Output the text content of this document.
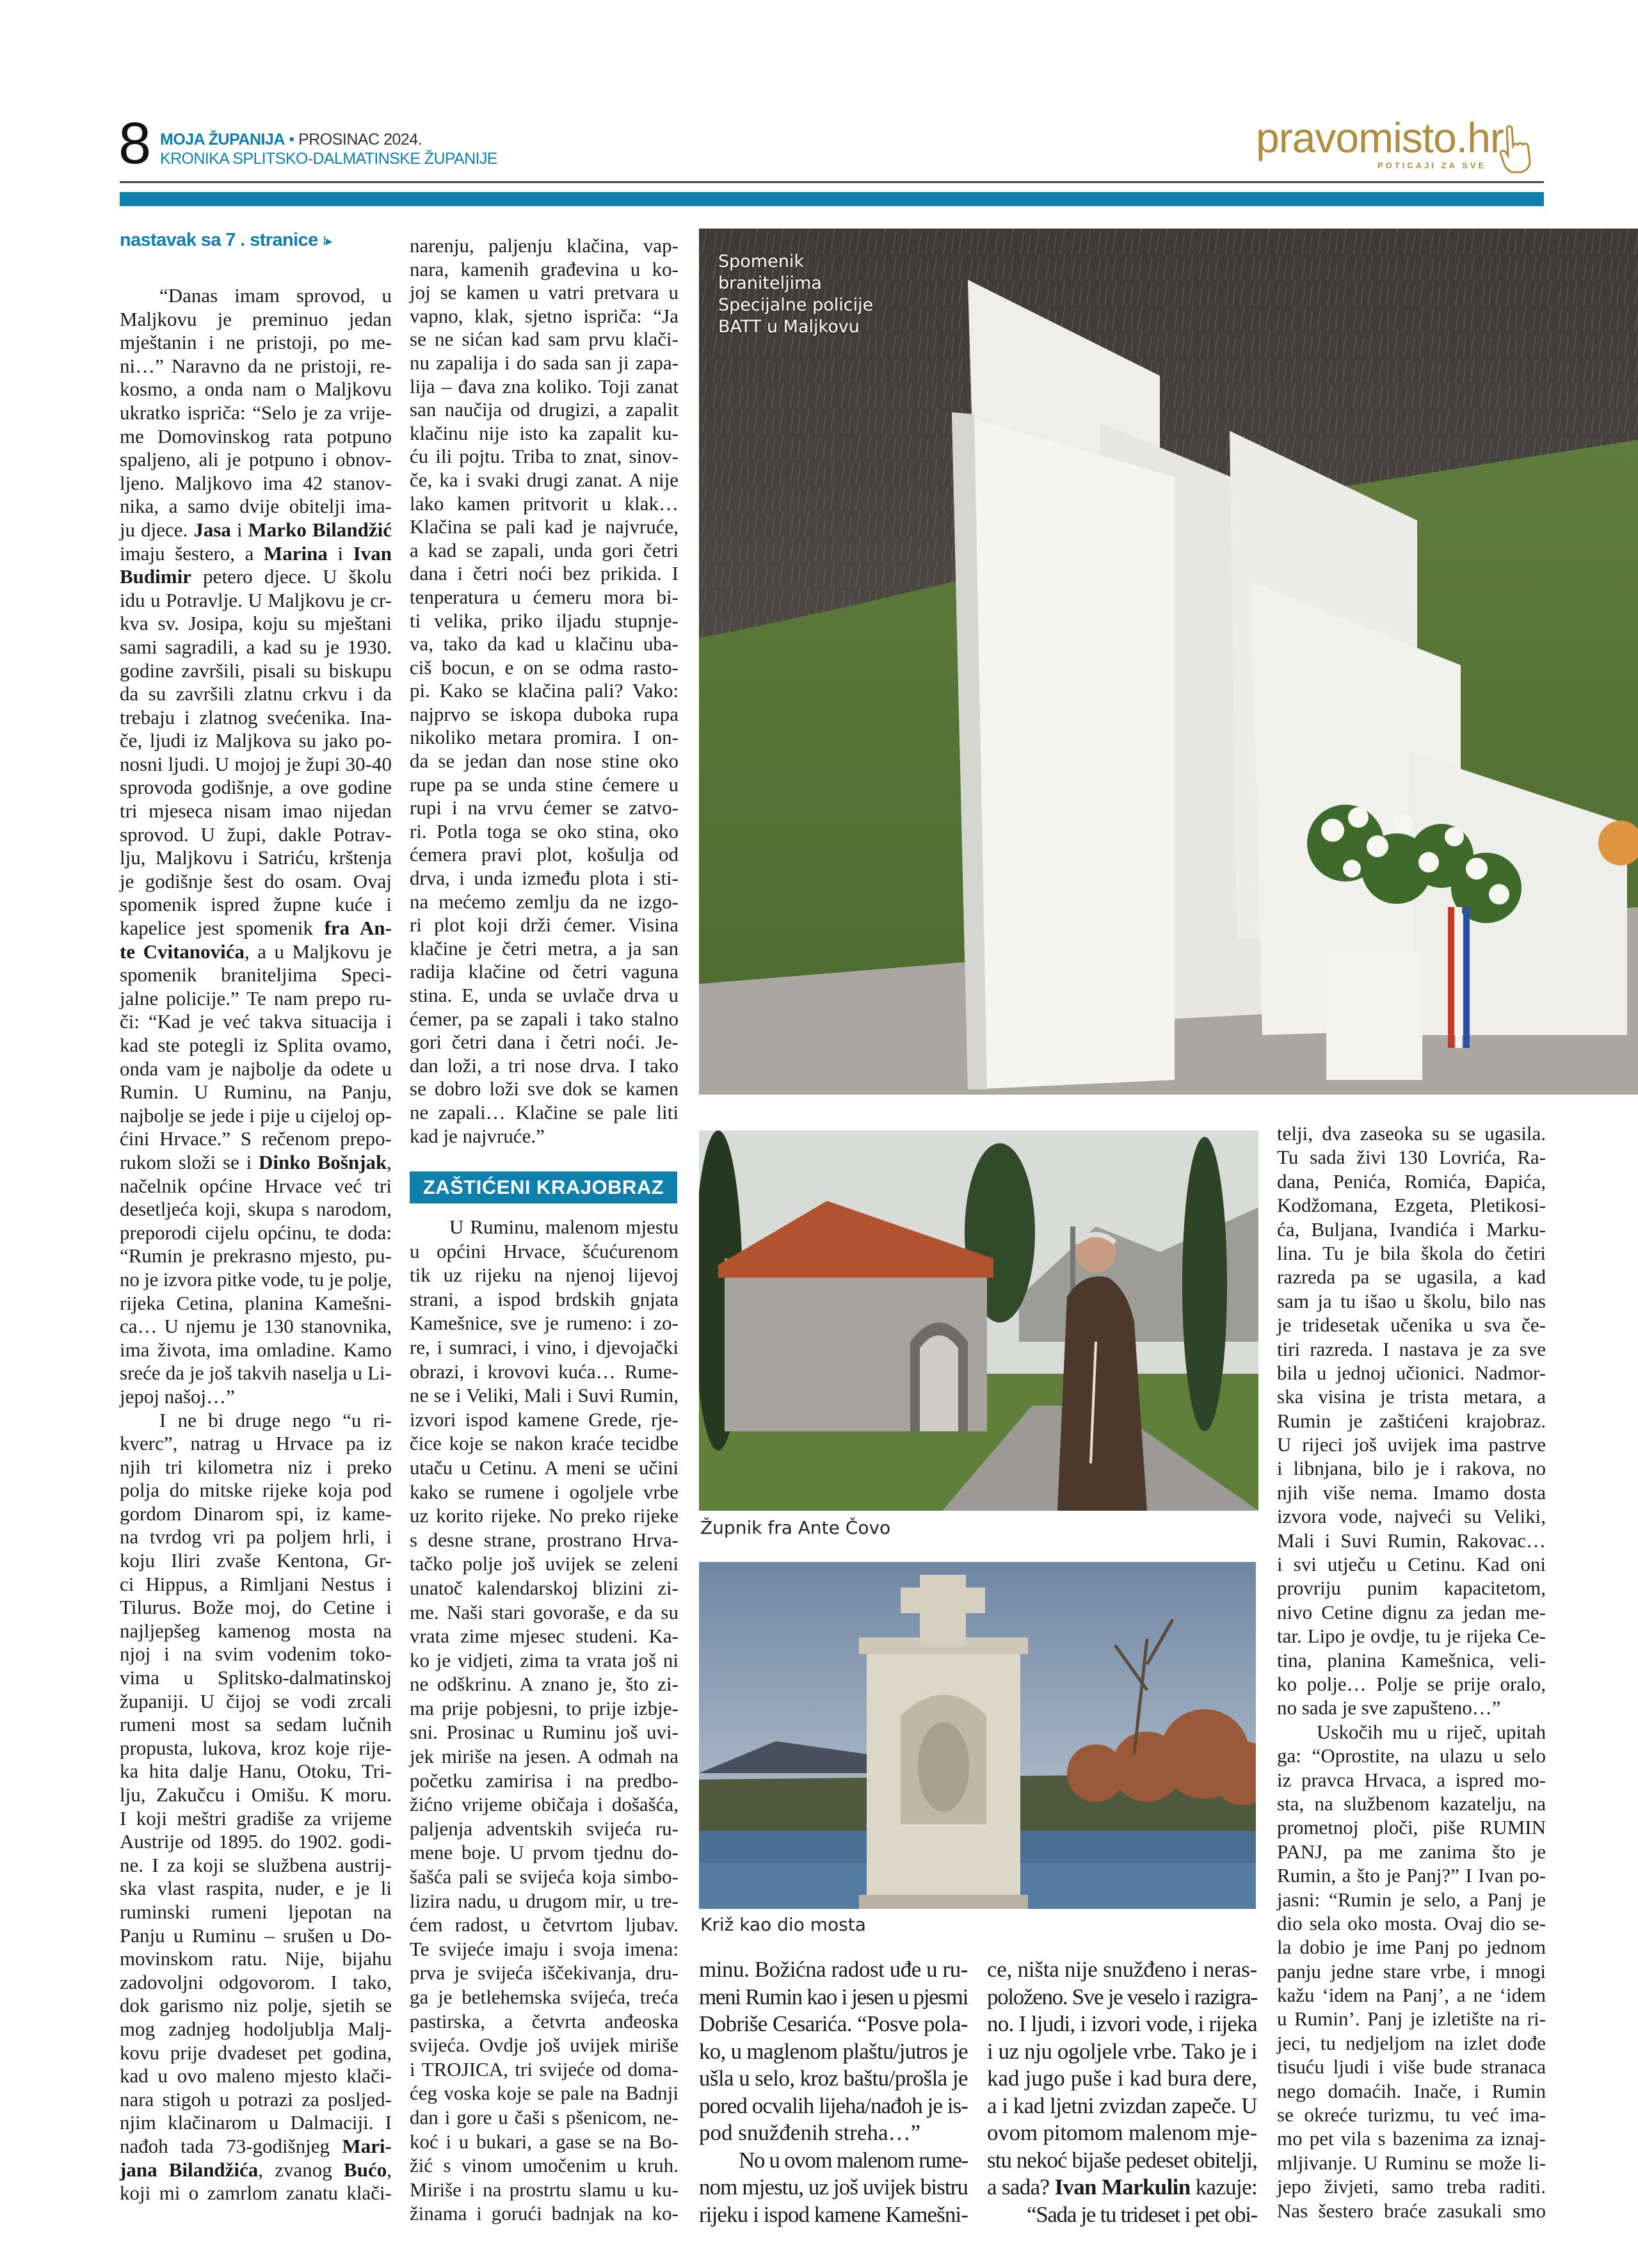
8 MOJA ŽUPANIJA • PROSINAC 2024.
KRONIKA SPLITSKO-DALMATINSKE ŽUPANIJE	pravomisto.hr
POTICAJI ZA SVE
nastavak sa 7 . stranice ⁞▸
“Danas imam sprovod, u
Maljkovu je preminuo jedan
mještanin i ne pristoji, po me-
ni…” Naravno da ne pristoji, re-
kosmo, a onda nam o Maljkovu
ukratko ispriča: “Selo je za vrije-
me Domovinskog rata potpuno
spaljeno, ali je potpuno i obnov-
ljeno. Maljkovo ima 42 stanov-
nika, a samo dvije obitelji ima-
ju djece. Jasa i Marko Bilandžić
imaju šestero, a Marina i Ivan
Budimir petero djece. U školu
idu u Potravlje. U Maljkovu je cr-
kva sv. Josipa, koju su mještani
sami sagradili, a kad su je 1930.
godine završili, pisali su biskupu
da su završili zlatnu crkvu i da
trebaju i zlatnog svećenika. Ina-
če, ljudi iz Maljkova su jako po-
nosni ljudi. U mojoj je župi 30-40
sprovoda godišnje, a ove godine
tri mjeseca nisam imao nijedan
sprovod. U župi, dakle Potrav-
lju, Maljkovu i Satriću, krštenja
je godišnje šest do osam. Ovaj
spomenik ispred župne kuće i
kapelice jest spomenik fra An-
te Cvitanovića, a u Maljkovu je
spomenik braniteljima Speci-
jalne policije.” Te nam prepo ru-
či: “Kad je već takva situacija i
kad ste potegli iz Splita ovamo,
onda vam je najbolje da odete u
Rumin. U Ruminu, na Panju,
najbolje se jede i pije u cijeloj op-
ćini Hrvace.” S rečenom prepo-
rukom složi se i Dinko Bošnjak,
načelnik općine Hrvace već tri
desetljeća koji, skupa s narodom,
preporodi cijelu općinu, te doda:
“Rumin je prekrasno mjesto, pu-
no je izvora pitke vode, tu je polje,
rijeka Cetina, planina Kamešni-
ca… U njemu je 130 stanovnika,
ima života, ima omladine. Kamo
sreće da je još takvih naselja u Li-
jepoj našoj…”
I ne bi druge nego “u ri-
kverc”, natrag u Hrvace pa iz
njih tri kilometra niz i preko
polja do mitske rijeke koja pod
gordom Dinarom spi, iz kame-
na tvrdog vri pa poljem hrli, i
koju Iliri zvaše Kentona, Gr-
ci Hippus, a Rimljani Nestus i
Tilurus. Bože moj, do Cetine i
najljepšeg kamenog mosta na
njoj i na svim vodenim toko-
vima u Splitsko-dalmatinskoj
županiji. U čijoj se vodi zrcali
rumeni most sa sedam lučnih
propusta, lukova, kroz koje rije-
ka hita dalje Hanu, Otoku, Tri-
lju, Zakučcu i Omišu. K moru.
I koji meštri gradiše za vrijeme
Austrije od 1895. do 1902. godi-
ne. I za koji se službena austrij-
ska vlast raspita, nuder, e je li
ruminski rumeni ljepotan na
Panju u Ruminu – srušen u Do-
movinskom ratu. Nije, bijahu
zadovoljni odgovorom. I tako,
dok garismo niz polje, sjetih se
mog zadnjeg hodoljublja Malj-
kovu prije dvadeset pet godina,
kad u ovo maleno mjesto klači-
nara stigoh u potrazi za posljed-
njim klačinarom u Dalmaciji. I
nađoh tada 73-godišnjeg Mari-
jana Bilandžića, zvanog Bućo,
koji mi o zamrlom zanatu klači-
narenju, paljenju klačina, vap-
nara, kamenih građevina u ko-
joj se kamen u vatri pretvara u
vapno, klak, sjetno ispriča: “Ja
se ne sićan kad sam prvu klači-
nu zapalija i do sada san ji zapa-
lija – đava zna koliko. Toji zanat
san naučija od drugizi, a zapalit
klačinu nije isto ka zapalit ku-
ću ili pojtu. Triba to znat, sinov-
če, ka i svaki drugi zanat. A nije
lako kamen pritvorit u klak…
Klačina se pali kad je najvruće,
a kad se zapali, unda gori četri
dana i četri noći bez prikida. I
tenperatura u ćemeru mora bi-
ti velika, priko iljadu stupnje-
va, tako da kad u klačinu uba-
ciš bocun, e on se odma rasto-
pi. Kako se klačina pali? Vako:
najprvo se iskopa duboka rupa
nikoliko metara promira. I on-
da se jedan dan nose stine oko
rupe pa se unda stine ćemere u
rupi i na vrvu ćemer se zatvo-
ri. Potla toga se oko stina, oko
ćemera pravi plot, košulja od
drva, i unda između plota i sti-
na mećemo zemlju da ne izgo-
ri plot koji drži ćemer. Visina
klačine je četri metra, a ja san
radija klačine od četri vaguna
stina. E, unda se uvlače drva u
ćemer, pa se zapali i tako stalno
gori četri dana i četri noći. Je-
dan loži, a tri nose drva. I tako
se dobro loži sve dok se kamen
ne zapali… Klačine se pale liti
kad je najvruće.”
ZAŠTIĆENI KRAJOBRAZ
U Ruminu, malenom mjestu
u općini Hrvace, šćućurenom
tik uz rijeku na njenoj lijevoj
strani, a ispod brdskih gnjata
Kamešnice, sve je rumeno: i zo-
re, i sumraci, i vino, i djevojački
obrazi, i krovovi kuća… Rume-
ne se i Veliki, Mali i Suvi Rumin,
izvori ispod kamene Grede, rje-
čice koje se nakon kraće tecidbe
utaču u Cetinu. A meni se učini
kako se rumene i ogoljele vrbe
uz korito rijeke. No preko rijeke
s desne strane, prostrano Hrva-
tačko polje još uvijek se zeleni
unatoč kalendarskoj blizini zi-
me. Naši stari govoraše, e da su
vrata zime mjesec studeni. Ka-
ko je vidjeti, zima ta vrata još ni
ne odškrinu. A znano je, što zi-
ma prije pobjesni, to prije izbje-
sni. Prosinac u Ruminu još uvi-
jek miriše na jesen. A odmah na
početku zamirisa i na predbo-
žićno vrijeme običaja i došašća,
paljenja adventskih svijeća ru-
mene boje. U prvom tjednu do-
šašća pali se svijeća koja simbo-
lizira nadu, u drugom mir, u tre-
ćem radost, u četvrtom ljubav.
Te svijeće imaju i svoja imena:
prva je svijeća iščekivanja, dru-
ga je betlehemska svijeća, treća
pastirska, a četvrta anđeoska
svijeća. Ovdje još uvijek miriše
i TROJICA, tri svijeće od doma-
ćeg voska koje se pale na Badnji
dan i gore u čaši s pšenicom, ne-
koć i u bukari, a gase se na Bo-
žić s vinom umočenim u kruh.
Miriše i na prostrtu slamu u ku-
žinama i gorući badnjak na ko-
minu. Božićna radost uđe u ru-
meni Rumin kao i jesen u pjesmi
Dobriše Cesarića. “Posve pola-
ko, u maglenom plaštu/jutros je
ušla u selo, kroz baštu/prošla je
pored ocvalih lijeha/nađoh je is-
pod snužđenih streha…”
No u ovom malenom rume-
nom mjestu, uz još uvijek bistru
rijeku i ispod kamene Kamešni-
ce, ništa nije snužđeno i neras-
položeno. Sve je veselo i razigra-
no. I ljudi, i izvori vode, i rijeka
i uz nju ogoljele vrbe. Tako je i
kad jugo puše i kad bura dere,
a i kad ljetni zvizdan zapeče. U
ovom pitomom malenom mje-
stu nekoć bijaše pedeset obitelji,
a sada? Ivan Markulin kazuje:
“Sada je tu trideset i pet obi-
telji, dva zaseoka su se ugasila.
Tu sada živi 130 Lovrića, Ra-
dana, Penića, Romića, Đapića,
Kodžomana, Ezgeta, Pletikosi-
ća, Buljana, Ivandića i Marku-
lina. Tu je bila škola do četiri
razreda pa se ugasila, a kad
sam ja tu išao u školu, bilo nas
je tridesetak učenika u sva če-
tiri razreda. I nastava je za sve
bila u jednoj učionici. Nadmor-
ska visina je trista metara, a
Rumin je zaštićeni krajobraz.
U rijeci još uvijek ima pastrve
i libnjana, bilo je i rakova, no
njih više nema. Imamo dosta
izvora vode, najveći su Veliki,
Mali i Suvi Rumin, Rakovac…
i svi utječu u Cetinu. Kad oni
provriju punim kapacitetom,
nivo Cetine dignu za jedan me-
tar. Lipo je ovdje, tu je rijeka Ce-
tina, planina Kamešnica, veli-
ko polje… Polje se prije oralo,
no sada je sve zapušteno…”
Uskočih mu u riječ, upitah
ga: “Oprostite, na ulazu u selo
iz pravca Hrvaca, a ispred mo-
sta, na službenom kazatelju, na
prometnoj ploči, piše RUMIN
PANJ, pa me zanima što je
Rumin, a što je Panj?” I Ivan po-
jasni: “Rumin je selo, a Panj je
dio sela oko mosta. Ovaj dio se-
la dobio je ime Panj po jednom
panju jedne stare vrbe, i mnogi
kažu ‘idem na Panj’, a ne ‘idem
u Rumin’. Panj je izletište na ri-
jeci, tu nedjeljom na izlet dođe
tisuću ljudi i više bude stranaca
nego domaćih. Inače, i Rumin
se okreće turizmu, tu već ima-
mo pet vila s bazenima za iznaj-
mljivanje. U Ruminu se može li-
jepo živjeti, samo treba raditi.
Nas šestero braće zasukali smo
Spomenik
braniteljima
Specijalne policije
BATT u Maljkovu
Župnik fra Ante Čovo
Križ kao dio mosta
